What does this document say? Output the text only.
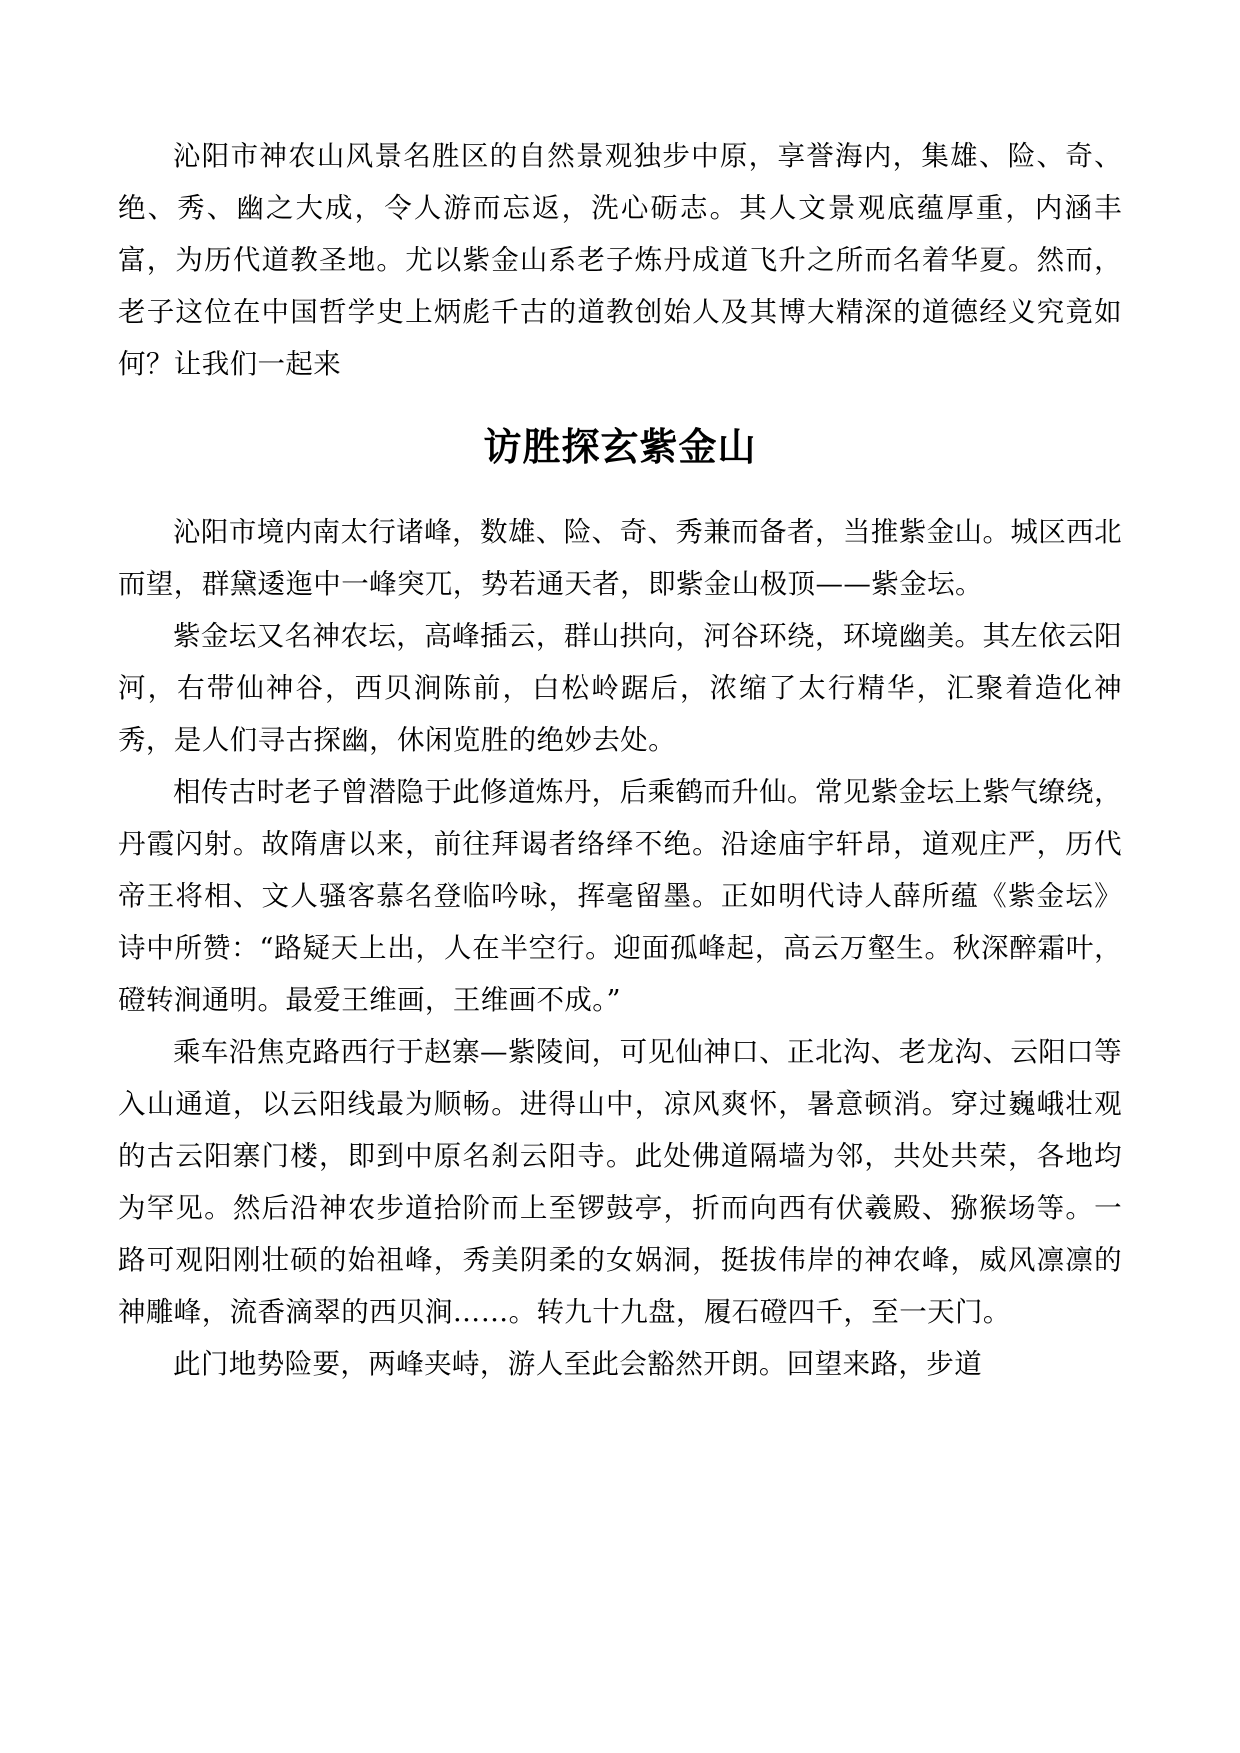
沁阳市神农山风景名胜区的自然景观独步中原，享誉海内，集雄、险、奇、绝、秀、幽之大成，令人游而忘返，洗心砺志。其人文景观底蕴厚重，内涵丰富，为历代道教圣地。尤以紫金山系老子炼丹成道飞升之所而名着华夏。然而，老子这位在中国哲学史上炳彪千古的道教创始人及其博大精深的道德经义究竟如何？让我们一起来

访胜探玄紫金山

沁阳市境内南太行诸峰，数雄、险、奇、秀兼而备者，当推紫金山。城区西北而望，群黛逶迤中一峰突兀，势若通天者，即紫金山极顶——紫金坛。

紫金坛又名神农坛，高峰插云，群山拱向，河谷环绕，环境幽美。其左依云阳河，右带仙神谷，西贝涧陈前，白松岭踞后，浓缩了太行精华，汇聚着造化神秀，是人们寻古探幽，休闲览胜的绝妙去处。

相传古时老子曾潜隐于此修道炼丹，后乘鹤而升仙。常见紫金坛上紫气缭绕，丹霞闪射。故隋唐以来，前往拜谒者络绎不绝。沿途庙宇轩昂，道观庄严，历代帝王将相、文人骚客慕名登临吟咏，挥毫留墨。正如明代诗人薛所蕴《紫金坛》诗中所赞：“路疑天上出，人在半空行。迎面孤峰起，高云万壑生。秋深醉霜叶，磴转涧通明。最爱王维画，王维画不成。”

乘车沿焦克路西行于赵寨—紫陵间，可见仙神口、正北沟、老龙沟、云阳口等入山通道，以云阳线最为顺畅。进得山中，凉风爽怀，暑意顿消。穿过巍峨壮观的古云阳寨门楼，即到中原名刹云阳寺。此处佛道隔墙为邻，共处共荣，各地均为罕见。然后沿神农步道拾阶而上至锣鼓亭，折而向西有伏羲殿、猕猴场等。一路可观阳刚壮硕的始祖峰，秀美阴柔的女娲洞，挺拔伟岸的神农峰，威风凛凛的神雕峰，流香滴翠的西贝涧……。转九十九盘，履石磴四千，至一天门。

此门地势险要，两峰夹峙，游人至此会豁然开朗。回望来路，步道
